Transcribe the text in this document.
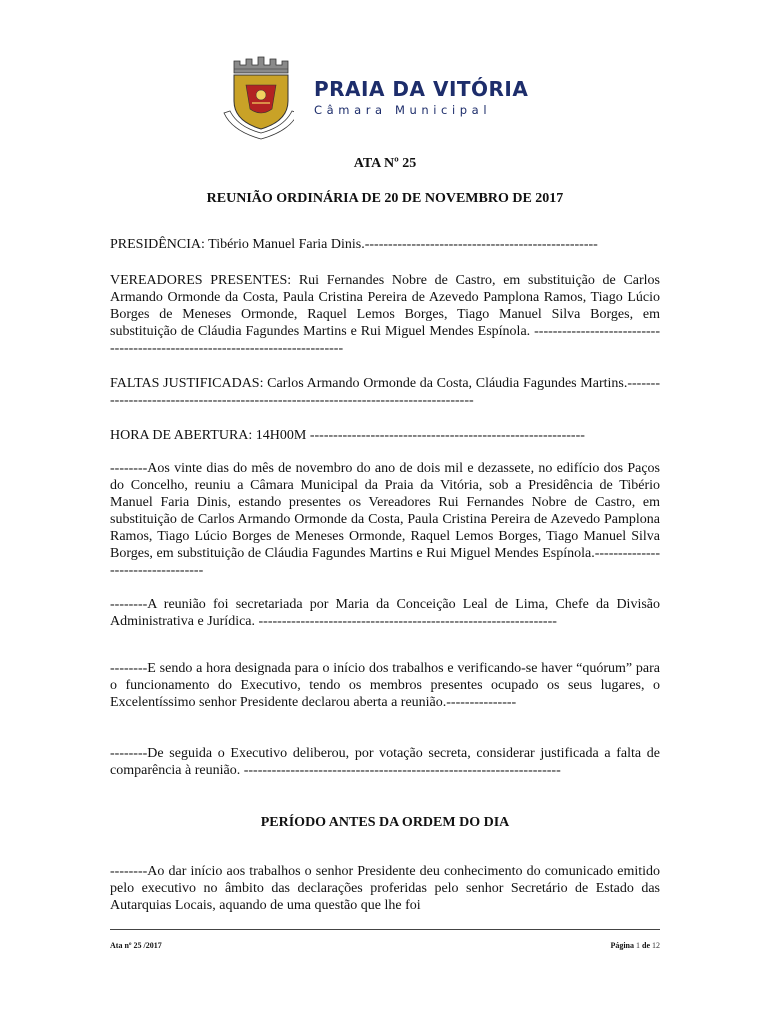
PRAIA DA VITÓRIA

Câmara Municipal

ATA Nº 25

REUNIÃO ORDINÁRIA DE 20 DE NOVEMBRO DE 2017

PRESIDÊNCIA: Tibério Manuel Faria Dinis.--------------------------------------------------

VEREADORES PRESENTES: Rui Fernandes Nobre de Castro, em substituição de Carlos Armando Ormonde da Costa, Paula Cristina Pereira de Azevedo Pamplona Ramos, Tiago Lúcio Borges de Meneses Ormonde, Raquel Lemos Borges, Tiago Manuel Silva Borges, em substituição de Cláudia Fagundes Martins e Rui Miguel Mendes Espínola. -----------------------------------------------------------------------------

FALTAS JUSTIFICADAS: Carlos Armando Ormonde da Costa, Cláudia Fagundes Martins.-------------------------------------------------------------------------------------

HORA DE ABERTURA: 14H00M -----------------------------------------------------------

--------Aos vinte dias do mês de novembro do ano de dois mil e dezassete, no edifício dos Paços do Concelho, reuniu a Câmara Municipal da Praia da Vitória, sob a Presidência de Tibério Manuel Faria Dinis, estando presentes os Vereadores Rui Fernandes Nobre de Castro, em substituição de Carlos Armando Ormonde da Costa, Paula Cristina Pereira de Azevedo Pamplona Ramos, Tiago Lúcio Borges de Meneses Ormonde, Raquel Lemos Borges, Tiago Manuel Silva Borges, em substituição de Cláudia Fagundes Martins e Rui Miguel Mendes Espínola.----------------------------------

--------A reunião foi secretariada por Maria da Conceição Leal de Lima, Chefe da Divisão Administrativa e Jurídica. ----------------------------------------------------------------

--------E sendo a hora designada para o início dos trabalhos e verificando-se haver “quórum” para o funcionamento do Executivo, tendo os membros presentes ocupado os seus lugares, o Excelentíssimo senhor Presidente declarou aberta a reunião.---------------

--------De seguida o Executivo deliberou, por votação secreta, considerar justificada a falta de comparência à reunião. --------------------------------------------------------------------

PERÍODO ANTES DA ORDEM DO DIA

--------Ao dar início aos trabalhos o senhor Presidente deu conhecimento do comunicado emitido pelo executivo no âmbito das declarações proferidas pelo senhor Secretário de Estado das Autarquias Locais, aquando de uma questão que lhe foi

Ata nº 25 /2017	Página 1 de 12
